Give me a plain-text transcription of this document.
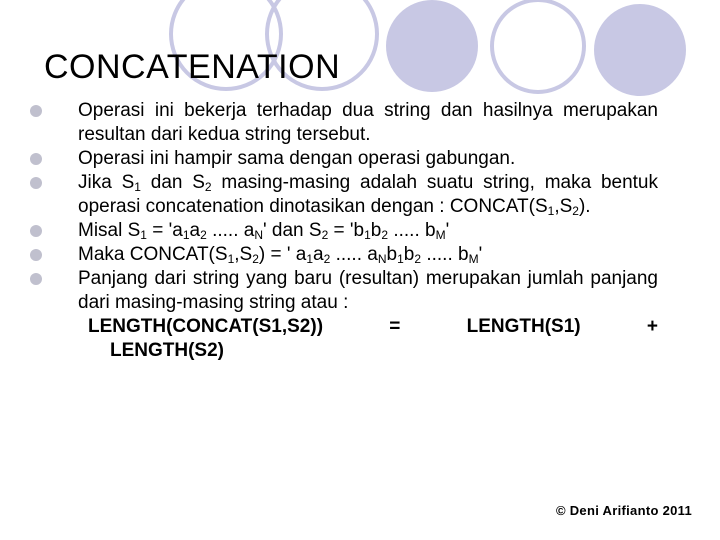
CONCATENATION
Operasi ini bekerja terhadap dua string dan hasilnya merupakan resultan dari kedua string tersebut.
Operasi ini hampir sama dengan operasi gabungan.
Jika $S_1$ dan $S_2$ masing-masing adalah suatu string, maka bentuk operasi concatenation dinotasikan dengan : $CONCAT(S_1,S_2)$.
Misal $S_1$ = '$a_1a_2$ ..... $a_N'$ dan $S_2$ = '$b_1b_2$ ..... $b_M'$
Maka $CONCAT(S_1,S_2)$ = ' $a_1a_2$ ..... $a_Nb_1b_2$ ..... $b_M'$
Panjang dari string yang baru (resultan) merupakan jumlah panjang dari masing-masing string atau :
LENGTH(CONCAT(S1,S2))	=	LENGTH(S1)	+
LENGTH(S2)
© Deni Arifianto 2011
